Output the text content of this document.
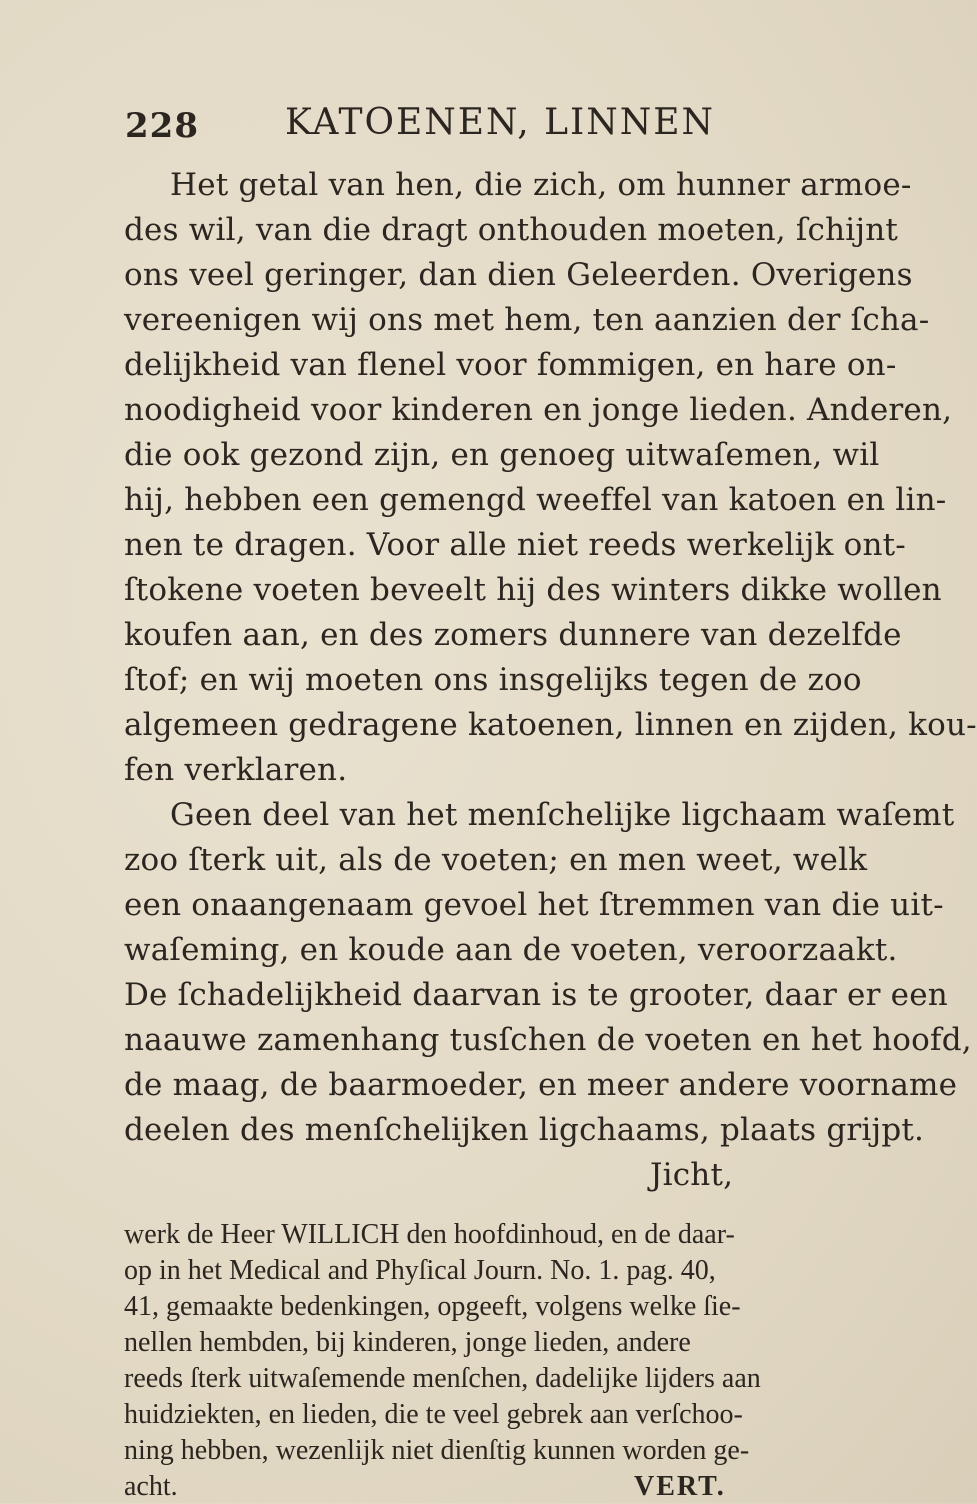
228 KATOENEN, LINNEN
Het getal van hen, die zich, om hunner armoe-
des wil, van die dragt onthouden moeten, ſchijnt
ons veel geringer, dan dien Geleerden. Overigens
vereenigen wij ons met hem, ten aanzien der ſcha-
delijkheid van flenel voor fommigen, en hare on-
noodigheid voor kinderen en jonge lieden. Anderen,
die ook gezond zijn, en genoeg uitwaſemen, wil
hij, hebben een gemengd weeffel van katoen en lin-
nen te dragen. Voor alle niet reeds werkelijk ont-
ſtokene voeten beveelt hij des winters dikke wollen
koufen aan, en des zomers dunnere van dezelfde
ſtof; en wij moeten ons insgelijks tegen de zoo
algemeen gedragene katoenen, linnen en zijden, kou-
fen verklaren.
Geen deel van het menſchelijke ligchaam waſemt
zoo ſterk uit, als de voeten; en men weet, welk
een onaangenaam gevoel het ſtremmen van die uit-
waſeming, en koude aan de voeten, veroorzaakt.
De ſchadelijkheid daarvan is te grooter, daar er een
naauwe zamenhang tusſchen de voeten en het hoofd,
de maag, de baarmoeder, en meer andere voorname
deelen des menſchelijken ligchaams, plaats grijpt.
Jicht,
werk de Heer WILLICH den hoofdinhoud, en de daar-
op in het Medical and Phyſical Journ. No. 1. pag. 40,
41, gemaakte bedenkingen, opgeeft, volgens welke ſie-
nellen hembden, bij kinderen, jonge lieden, andere
reeds ſterk uitwaſemende menſchen, dadelijke lijders aan
huidziekten, en lieden, die te veel gebrek aan verſchoo-
ning hebben, wezenlijk niet dienſtig kunnen worden ge-
acht.	VERT.
